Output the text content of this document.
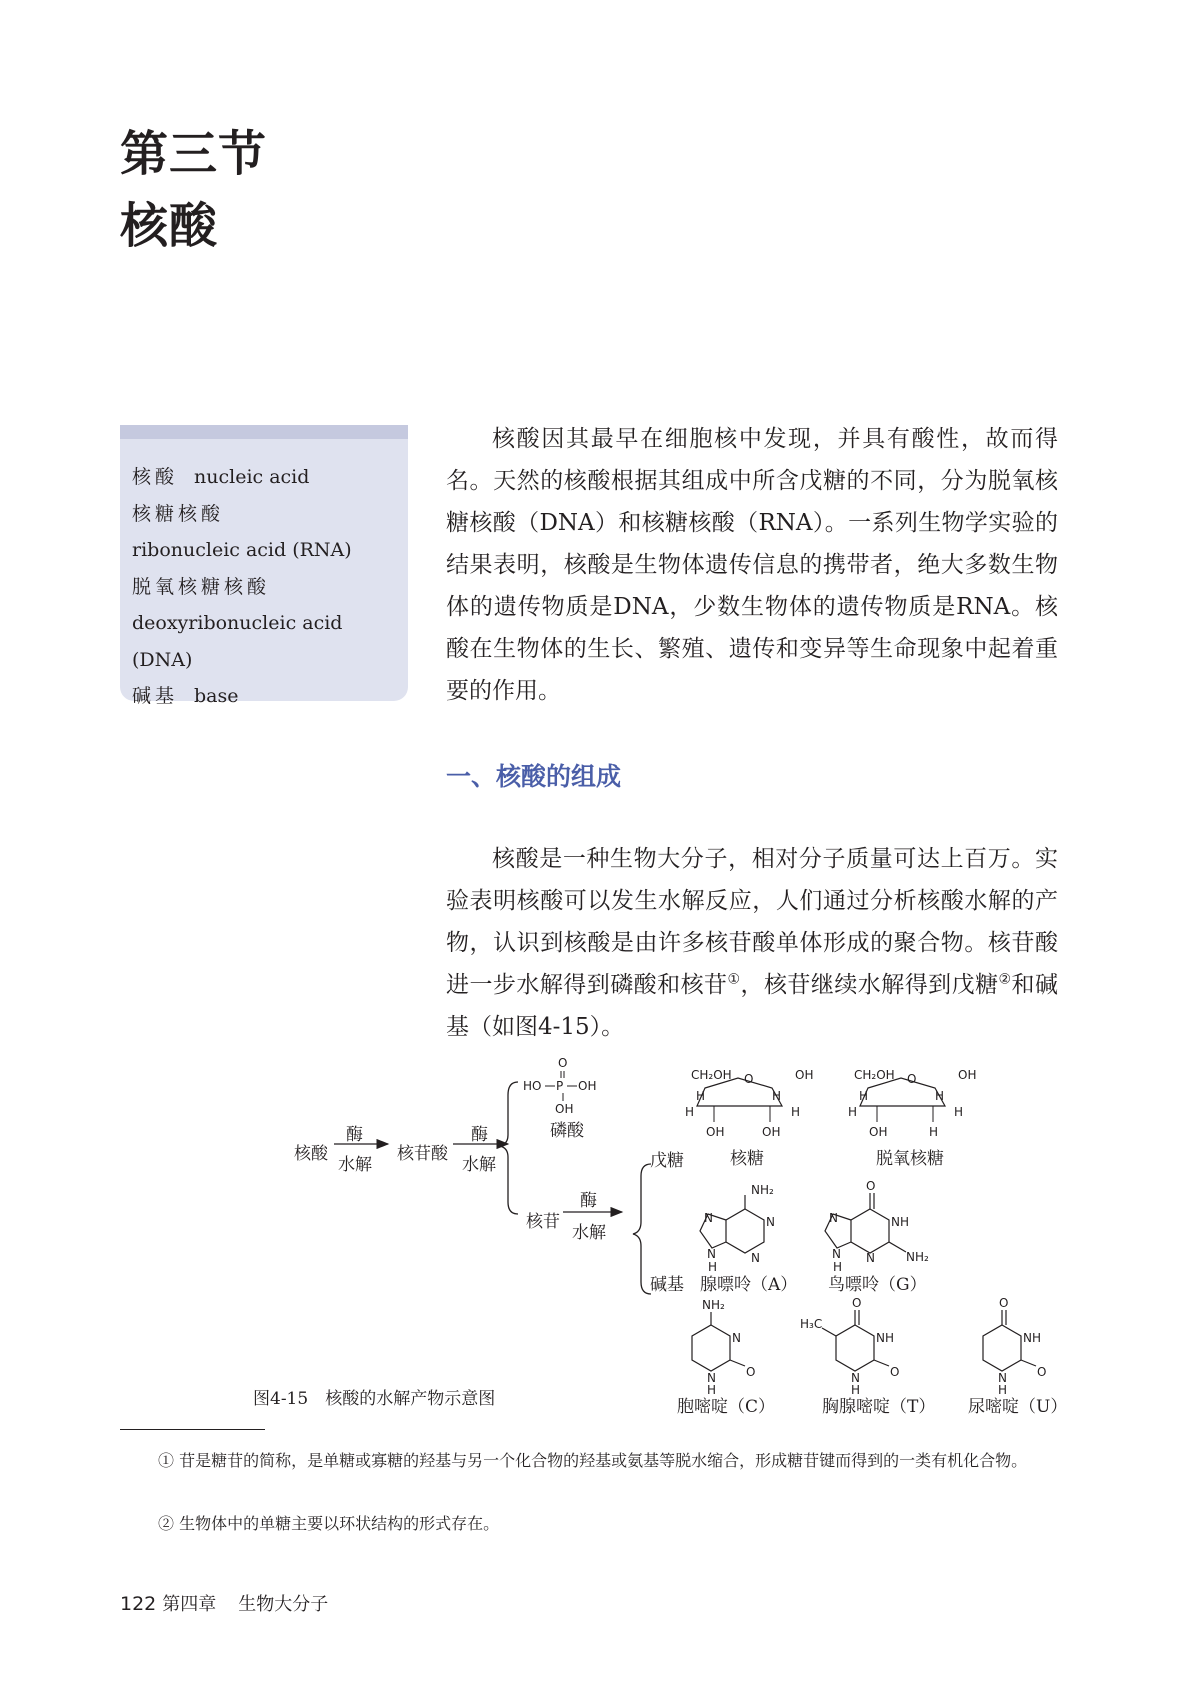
第三节
核酸
核酸 nucleic acid
核糖核酸
ribonucleic acid (RNA)
脱氧核糖核酸
deoxyribonucleic acid (DNA)
碱基 base

核酸因其最早在细胞核中发现，并具有酸性，故而得名。天然的核酸根据其组成中所含戊糖的不同，分为脱氧核糖核酸（DNA）和核糖核酸（RNA）。一系列生物学实验的结果表明，核酸是生物体遗传信息的携带者，绝大多数生物体的遗传物质是DNA，少数生物体的遗传物质是RNA。核酸在生物体的生长、繁殖、遗传和变异等生命现象中起着重要的作用。

一、核酸的组成

核酸是一种生物大分子，相对分子质量可达上百万。实验表明核酸可以发生水解反应，人们通过分析核酸水解的产物，认识到核酸是由许多核苷酸单体形成的聚合物。核苷酸进一步水解得到磷酸和核苷①，核苷继续水解得到戊糖②和碱基（如图4-15）。

核酸
酶
水解
核苷酸
酶
水解
磷酸
核苷
酶
水解
戊糖
碱基
O
HO P OH
OH
CH₂OH O	OH
H	H
H	H
OH	OH
核糖
CH₂OH O	OH
H	H
H	H
OH	H
脱氧核糖
NH₂
N
N
N
N
H
腺嘌呤（A）
O
NH
NH₂
N
N
N
H
鸟嘌呤（G）
NH₂
N
O
N
H
胞嘧啶（C）
H₃C
O
NH
O
N
H
胸腺嘧啶（T）
O
NH
O
N
H
尿嘧啶（U）
图4-15　核酸的水解产物示意图
① 苷是糖苷的简称，是单糖或寡糖的羟基与另一个化合物的羟基或氨基等脱水缩合，形成糖苷键而得到的一类有机化合物。
② 生物体中的单糖主要以环状结构的形式存在。
122 第四章 生物大分子
